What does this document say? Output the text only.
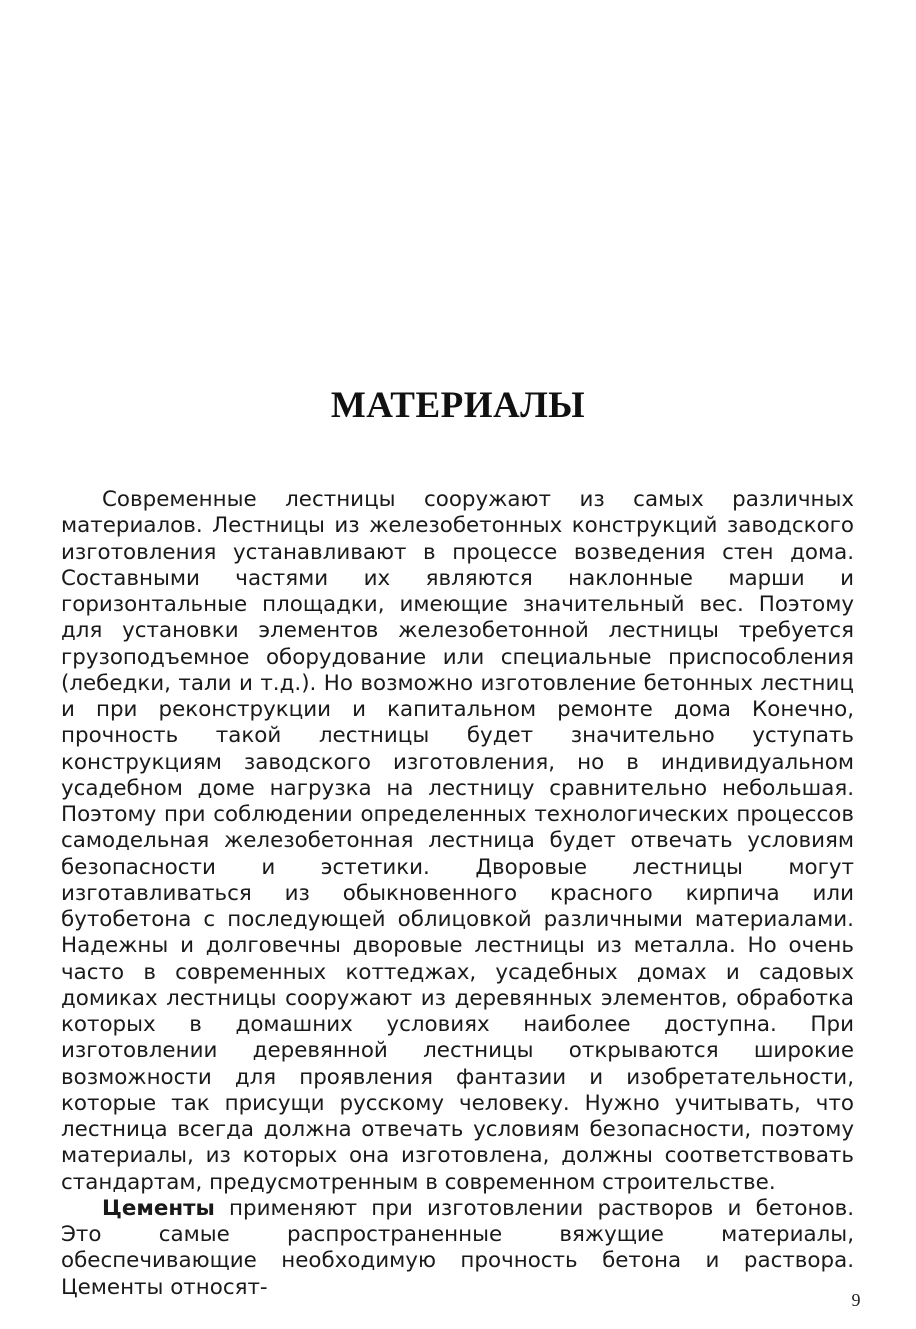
МАТЕРИАЛЫ

Современные лестницы сооружают из самых различных материалов. Лестницы из железобетонных конструкций заводского изготовления устанавливают в процессе возведения стен дома. Составными частями их являются наклонные марши и горизонтальные площадки, имеющие значительный вес. Поэтому для установки элементов железобетонной лестницы требуется грузоподъемное оборудование или специальные приспособления (лебедки, тали и т.д.). Но возможно изготовление бетонных лестниц и при реконструкции и капитальном ремонте дома Конечно, прочность такой лестницы будет значительно уступать конструкциям заводского изготовления, но в индивидуальном усадебном доме нагрузка на лестницу сравнительно небольшая. Поэтому при соблюдении определенных технологических процессов самодельная железобетонная лестница будет отвечать условиям безопасности и эстетики. Дворовые лестницы могут изготавливаться из обыкновенного красного кирпича или бутобетона с последующей облицовкой различными материалами. Надежны и долговечны дворовые лестницы из металла. Но очень часто в современных коттеджах, усадебных домах и садовых домиках лестницы сооружают из деревянных элементов, обработка которых в домашних условиях наиболее доступна. При изготовлении деревянной лестницы открываются широкие возможности для проявления фантазии и изобретательности, которые так присущи русскому человеку. Нужно учитывать, что лестница всегда должна отвечать условиям безопасности, поэтому материалы, из которых она изготовлена, должны соответствовать стандартам, предусмотренным в современном строительстве.

Цементы применяют при изготовлении растворов и бетонов. Это самые распространенные вяжущие материалы, обеспечивающие необходимую прочность бетона и раствора. Цементы относят-

9
